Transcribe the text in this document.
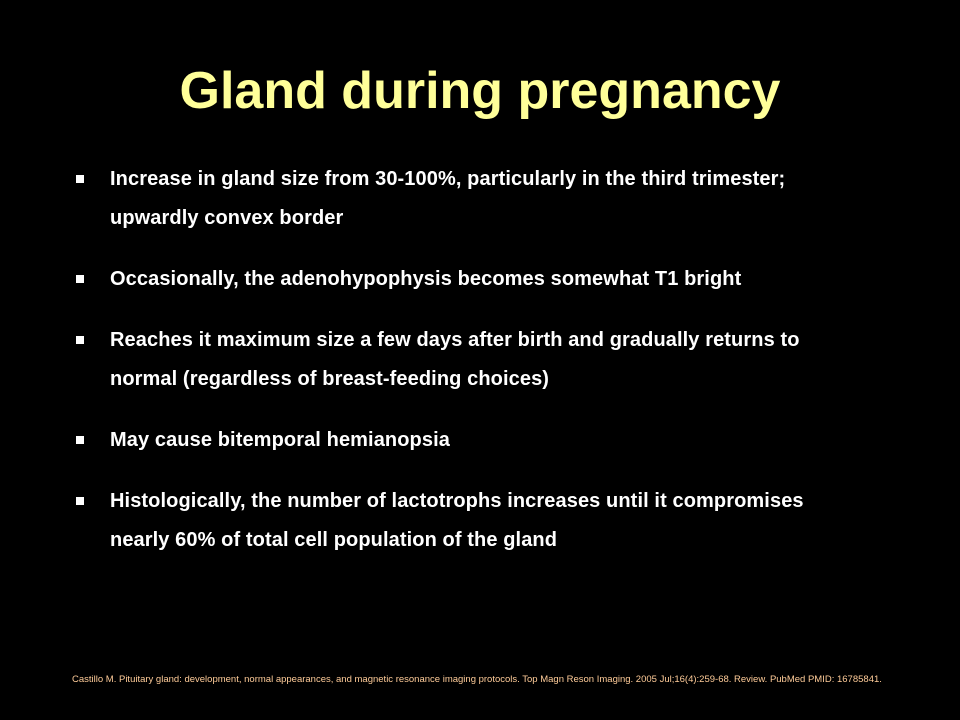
Gland during pregnancy
Increase in gland size from 30-100%, particularly in the third trimester; upwardly convex border
Occasionally, the adenohypophysis becomes somewhat T1 bright
Reaches it maximum size a few days after birth and gradually returns to normal (regardless of breast-feeding choices)
May cause bitemporal hemianopsia
Histologically, the number of lactotrophs increases until it compromises nearly 60% of total cell population of the gland

Castillo M. Pituitary gland: development, normal appearances, and magnetic resonance imaging protocols. Top Magn Reson Imaging. 2005 Jul;16(4):259-68. Review. PubMed PMID: 16785841.
